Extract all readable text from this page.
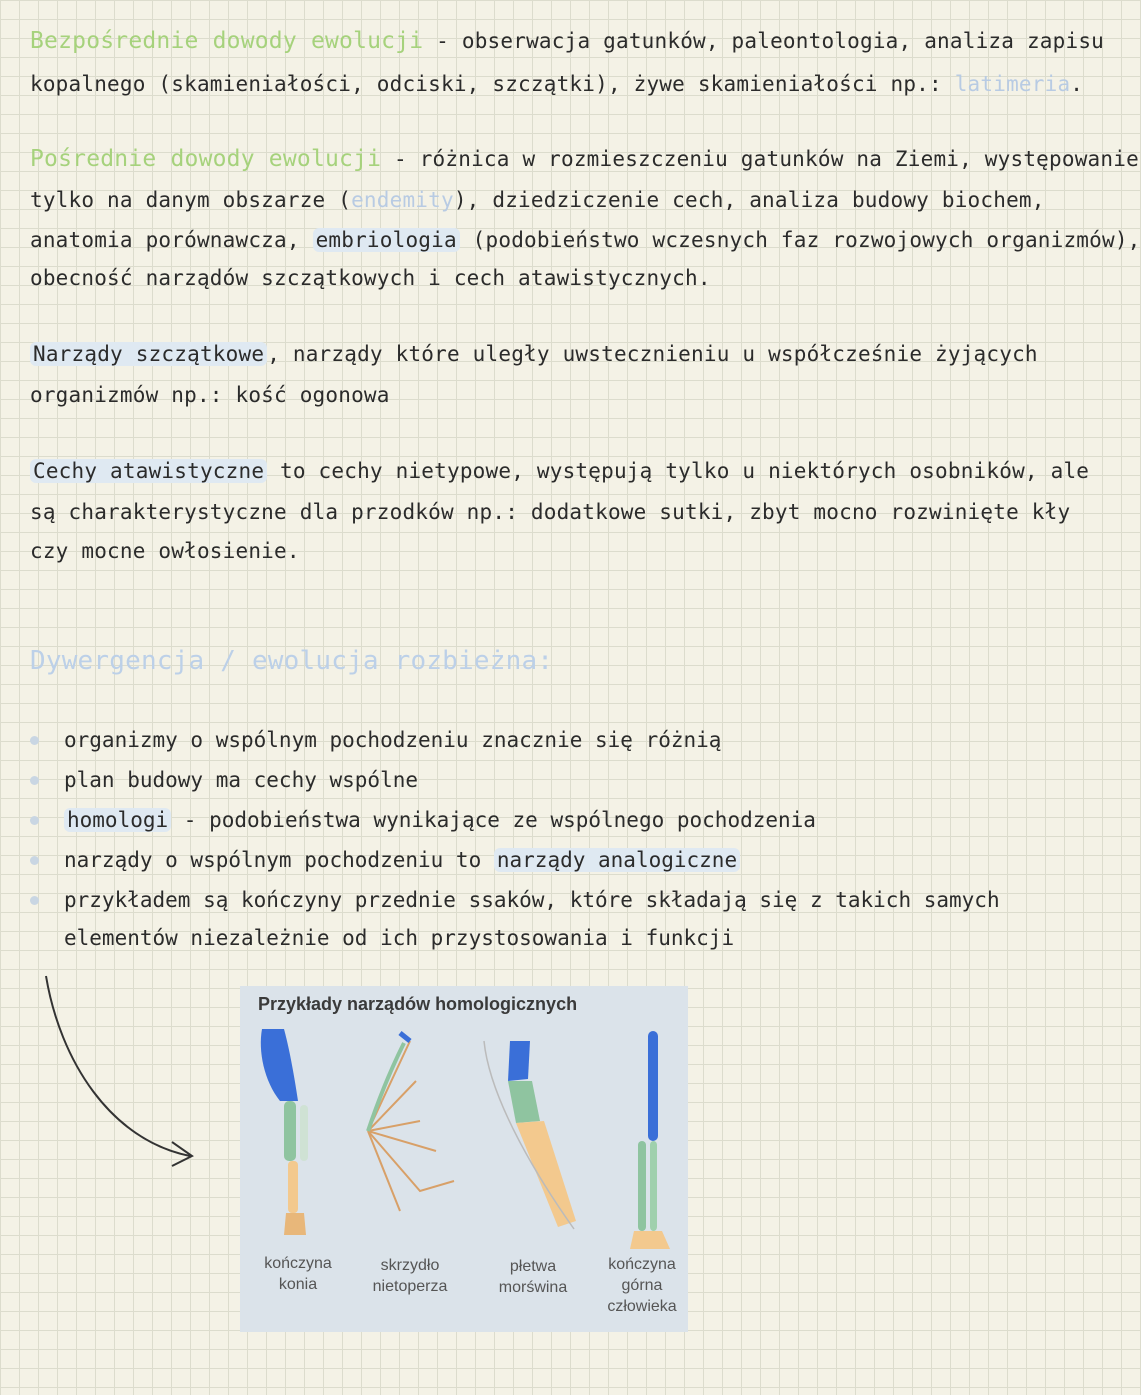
Bezpośrednie dowody ewolucji - obserwacja gatunków, paleontologia, analiza zapisu
kopalnego (skamieniałości, odciski, szczątki), żywe skamieniałości np.: latimeria.
Pośrednie dowody ewolucji - różnica w rozmieszczeniu gatunków na Ziemi, występowanie
tylko na danym obszarze (endemity), dziedziczenie cech, analiza budowy biochem,
anatomia porównawcza, embriologia (podobieństwo wczesnych faz rozwojowych organizmów),
obecność narządów szczątkowych i cech atawistycznych.
Narządy szczątkowe , narządy które uległy uwstecznieniu u współcześnie żyjących
organizmów np.: kość ogonowa
Cechy atawistyczne to cechy nietypowe, występują tylko u niektórych osobników, ale
są charakterystyczne dla przodków np.: dodatkowe sutki, zbyt mocno rozwinięte kły
czy mocne owłosienie.
Dywergencja / ewolucja rozbieżna:
organizmy o wspólnym pochodzeniu znacznie się różnią
plan budowy ma cechy wspólne
homologi - podobieństwa wynikające ze wspólnego pochodzenia
narządy o wspólnym pochodzeniu to narządy analogiczne
przykładem są kończyny przednie ssaków, które składają się z takich samych
elementów niezależnie od ich przystosowania i funkcji
Przykłady narządów homologicznych
kończyna
konia
skrzydło
nietoperza
płetwa
morświna
kończyna
górna
człowieka
